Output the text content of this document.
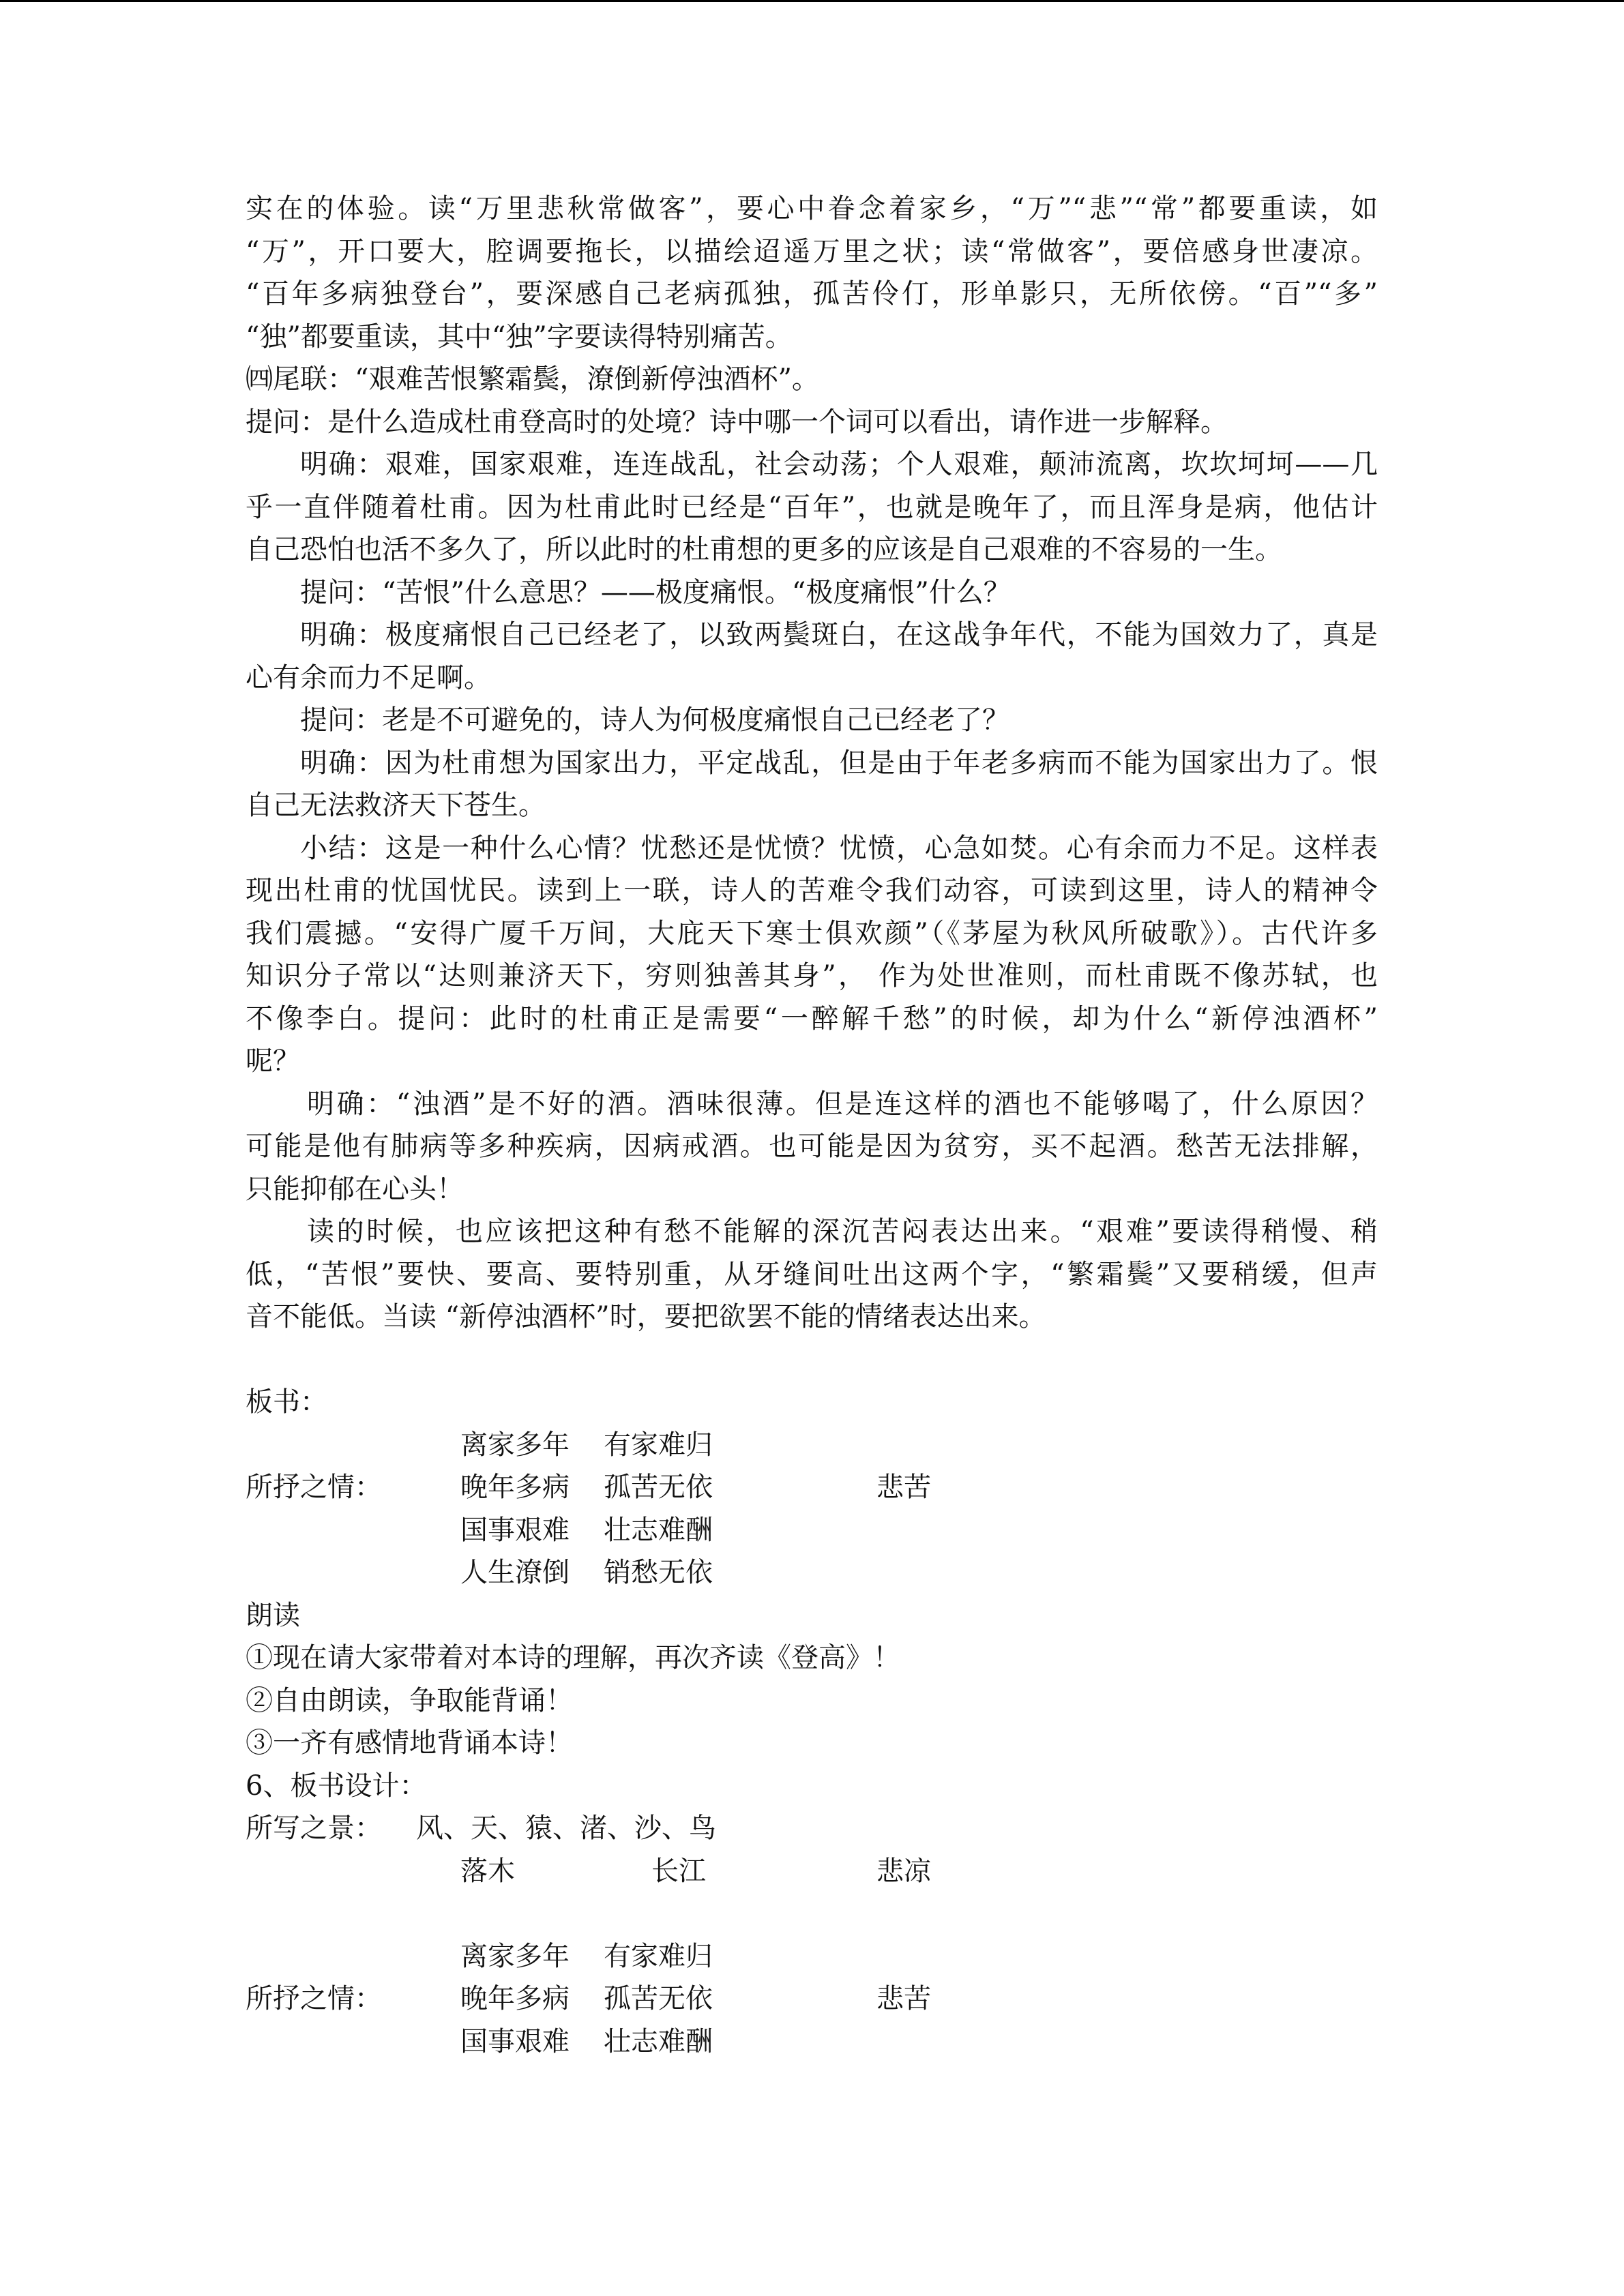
实在的体验。读“万里悲秋常做客”，要心中眷念着家乡，“万”“悲”“常”都要重读，如
“万”，开口要大，腔调要拖长，以描绘迢遥万里之状；读“常做客”，要倍感身世凄凉。
“百年多病独登台”，要深感自己老病孤独，孤苦伶仃，形单影只，无所依傍。“百”“多”
“独”都要重读，其中“独”字要读得特别痛苦。
㈣尾联：“艰难苦恨繁霜鬓，潦倒新停浊酒杯”。
提问：是什么造成杜甫登高时的处境？诗中哪一个词可以看出，请作进一步解释。
明确：艰难，国家艰难，连连战乱，社会动荡；个人艰难，颠沛流离，坎坎坷坷——几
乎一直伴随着杜甫。因为杜甫此时已经是“百年”，也就是晚年了，而且浑身是病，他估计
自己恐怕也活不多久了，所以此时的杜甫想的更多的应该是自己艰难的不容易的一生。
提问：“苦恨”什么意思？——极度痛恨。“极度痛恨”什么？
明确：极度痛恨自己已经老了，以致两鬓斑白，在这战争年代，不能为国效力了，真是
心有余而力不足啊。
提问：老是不可避免的，诗人为何极度痛恨自己已经老了？
明确：因为杜甫想为国家出力，平定战乱，但是由于年老多病而不能为国家出力了。恨
自己无法救济天下苍生。
小结：这是一种什么心情？忧愁还是忧愤？忧愤，心急如焚。心有余而力不足。这样表
现出杜甫的忧国忧民。读到上一联，诗人的苦难令我们动容，可读到这里，诗人的精神令
我们震撼。“安得广厦千万间，大庇天下寒士俱欢颜”（《茅屋为秋风所破歌》）。古代许多
知识分子常以“达则兼济天下，穷则独善其身”， 作为处世准则，而杜甫既不像苏轼，也
不像李白。提问：此时的杜甫正是需要“一醉解千愁”的时候，却为什么“新停浊酒杯”
呢？
明确：“浊酒”是不好的酒。酒味很薄。但是连这样的酒也不能够喝了，什么原因？
可能是他有肺病等多种疾病，因病戒酒。也可能是因为贫穷，买不起酒。愁苦无法排解，
只能抑郁在心头！
读的时候，也应该把这种有愁不能解的深沉苦闷表达出来。“艰难”要读得稍慢、稍
低，“苦恨”要快、要高、要特别重，从牙缝间吐出这两个字，“繁霜鬓”又要稍缓，但声
音不能低。当读 “新停浊酒杯”时，要把欲罢不能的情绪表达出来。
板书：
离家多年 有家难归
所抒之情：	晚年多病 孤苦无依	悲苦
国事艰难 壮志难酬
人生潦倒 销愁无依
朗读
①现在请大家带着对本诗的理解，再次齐读《登高》！
②自由朗读，争取能背诵！
③一齐有感情地背诵本诗！
6、板书设计：
所写之景： 风、天、猿、渚、沙、鸟
落木	长江	悲凉
离家多年 有家难归
所抒之情：	晚年多病 孤苦无依	悲苦
国事艰难 壮志难酬
